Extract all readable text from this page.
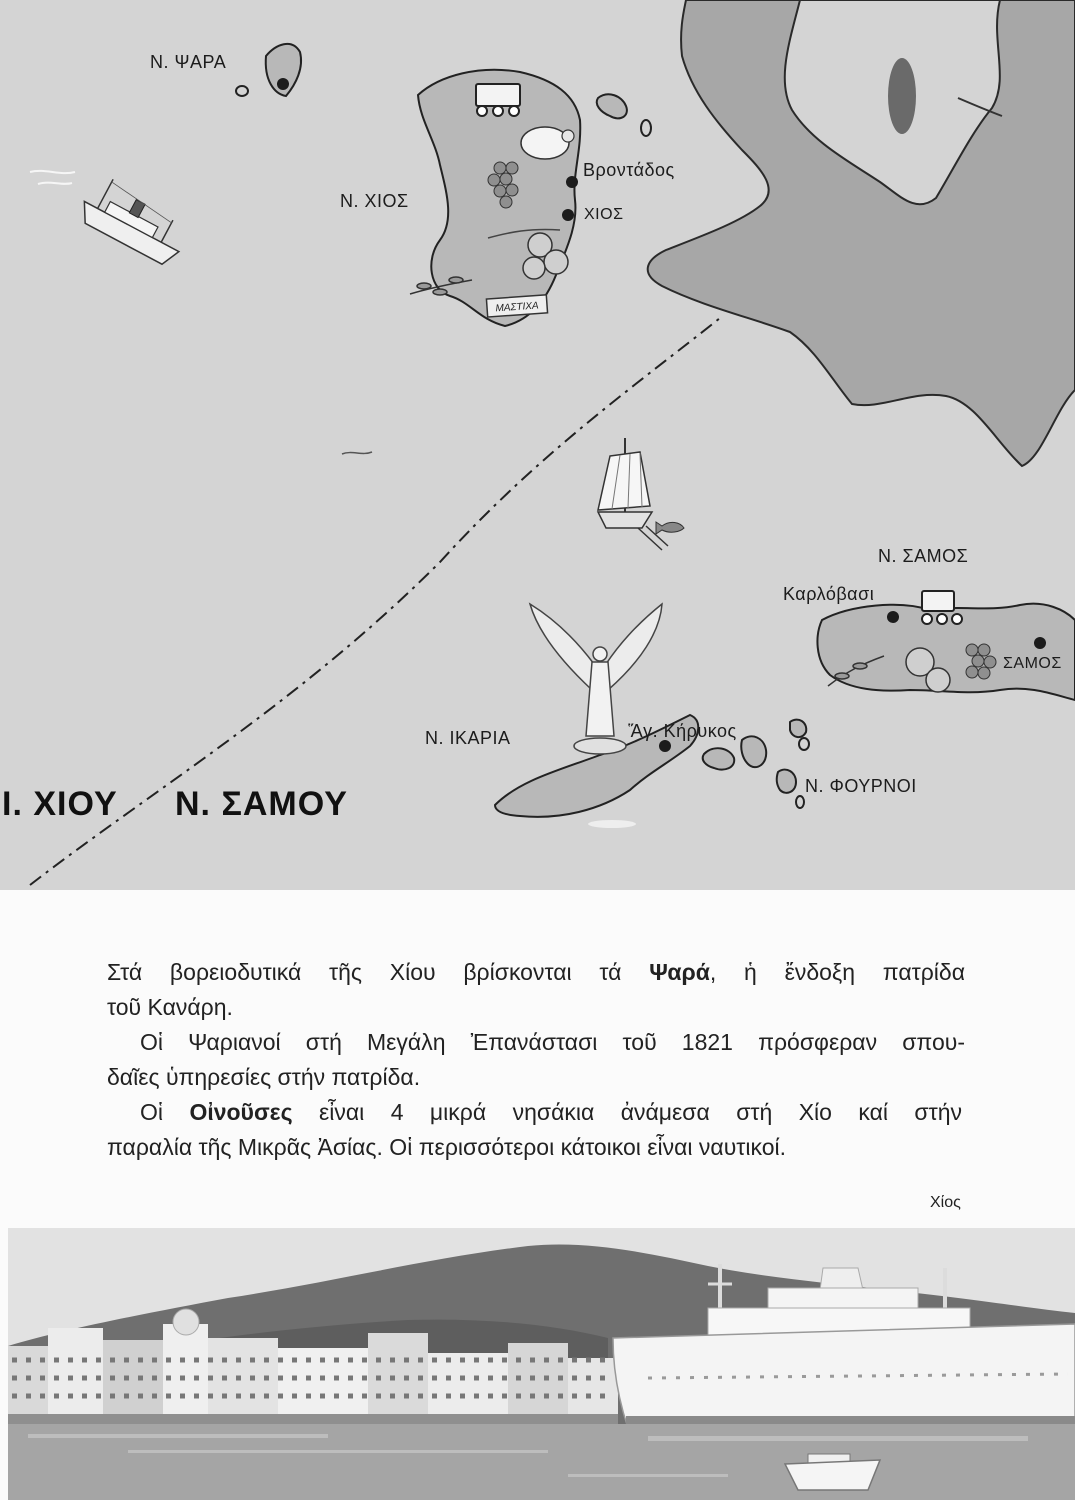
Ν. ΨΑΡΑ
ΜΑΣΤΙΧΑ
Ν. ΧΙΟΣ
Βροντάδος
ΧΙΟΣ
Ν. ΣΑΜΟΣ
Καρλόβασι
ΣΑΜΟΣ
Ν. ΙΚΑΡΙΑ	Ἅγ. Κήρυκος
Ν. ΦΟΥΡΝΟΙ
Ι. ΧΙΟΥ Ν. ΣΑΜΟΥ
Στά βορειοδυτικά τῆς Χίου βρίσκονται τά Ψαρά, ἡ ἔνδοξη πατρίδα
τοῦ Κανάρη.
Οἱ Ψαριανοί στή Μεγάλη Ἐπανάστασι τοῦ 1821 πρόσφεραν σπου-
δαῖες ὑπηρεσίες στήν πατρίδα.
Οἱ Οἰνοῦσες εἶναι 4 μικρά νησάκια ἀνάμεσα στή Χίο καί στήν
παραλία τῆς Μικρᾶς Ἀσίας. Οἱ περισσότεροι κάτοικοι εἶναι ναυτικοί.
Χίος
